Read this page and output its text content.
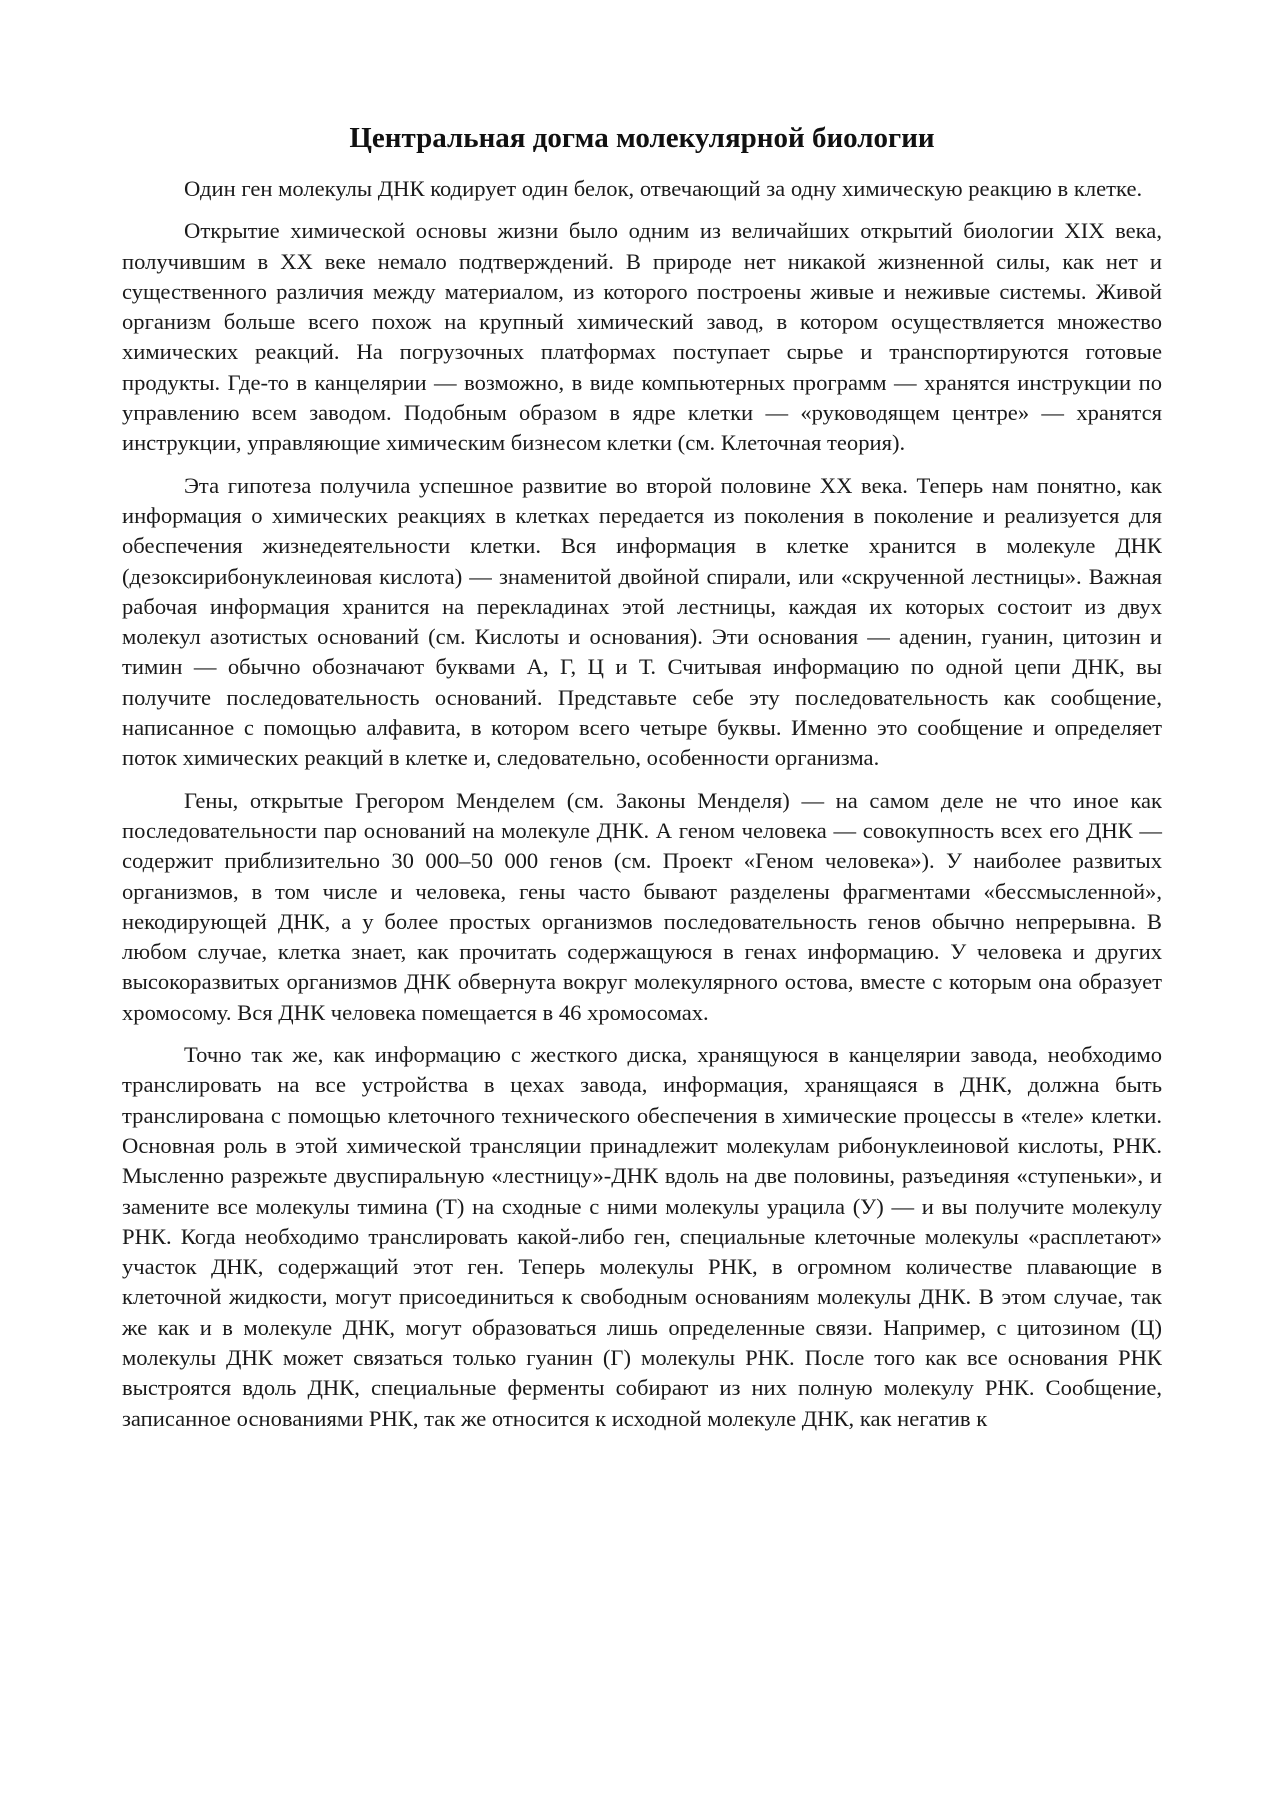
Центральная догма молекулярной биологии

Один ген молекулы ДНК кодирует один белок, отвечающий за одну химическую реакцию в клетке.

Открытие химической основы жизни было одним из величайших открытий биологии XIX века, получившим в XX веке немало подтверждений. В природе нет никакой жизненной силы, как нет и существенного различия между материалом, из которого построены живые и неживые системы. Живой организм больше всего похож на крупный химический завод, в котором осуществляется множество химических реакций. На погрузочных платформах поступает сырье и транспортируются готовые продукты. Где-то в канцелярии — возможно, в виде компьютерных программ — хранятся инструкции по управлению всем заводом. Подобным образом в ядре клетки — «руководящем центре» — хранятся инструкции, управляющие химическим бизнесом клетки (см. Клеточная теория).

Эта гипотеза получила успешное развитие во второй половине XX века. Теперь нам понятно, как информация о химических реакциях в клетках передается из поколения в поколение и реализуется для обеспечения жизнедеятельности клетки. Вся информация в клетке хранится в молекуле ДНК (дезоксирибонуклеиновая кислота) — знаменитой двойной спирали, или «скрученной лестницы». Важная рабочая информация хранится на перекладинах этой лестницы, каждая их которых состоит из двух молекул азотистых оснований (см. Кислоты и основания). Эти основания — аденин, гуанин, цитозин и тимин — обычно обозначают буквами А, Г, Ц и Т. Считывая информацию по одной цепи ДНК, вы получите последовательность оснований. Представьте себе эту последовательность как сообщение, написанное с помощью алфавита, в котором всего четыре буквы. Именно это сообщение и определяет поток химических реакций в клетке и, следовательно, особенности организма.

Гены, открытые Грегором Менделем (см. Законы Менделя) — на самом деле не что иное как последовательности пар оснований на молекуле ДНК. А геном человека — совокупность всех его ДНК — содержит приблизительно 30 000–50 000 генов (см. Проект «Геном человека»). У наиболее развитых организмов, в том числе и человека, гены часто бывают разделены фрагментами «бессмысленной», некодирующей ДНК, а у более простых организмов последовательность генов обычно непрерывна. В любом случае, клетка знает, как прочитать содержащуюся в генах информацию. У человека и других высокоразвитых организмов ДНК обвернута вокруг молекулярного остова, вместе с которым она образует хромосому. Вся ДНК человека помещается в 46 хромосомах.

Точно так же, как информацию с жесткого диска, хранящуюся в канцелярии завода, необходимо транслировать на все устройства в цехах завода, информация, хранящаяся в ДНК, должна быть транслирована с помощью клеточного технического обеспечения в химические процессы в «теле» клетки. Основная роль в этой химической трансляции принадлежит молекулам рибонуклеиновой кислоты, РНК. Мысленно разрежьте двуспиральную «лестницу»-ДНК вдоль на две половины, разъединяя «ступеньки», и замените все молекулы тимина (Т) на сходные с ними молекулы урацила (У) — и вы получите молекулу РНК. Когда необходимо транслировать какой-либо ген, специальные клеточные молекулы «расплетают» участок ДНК, содержащий этот ген. Теперь молекулы РНК, в огромном количестве плавающие в клеточной жидкости, могут присоединиться к свободным основаниям молекулы ДНК. В этом случае, так же как и в молекуле ДНК, могут образоваться лишь определенные связи. Например, с цитозином (Ц) молекулы ДНК может связаться только гуанин (Г) молекулы РНК. После того как все основания РНК выстроятся вдоль ДНК, специальные ферменты собирают из них полную молекулу РНК. Сообщение, записанное основаниями РНК, так же относится к исходной молекуле ДНК, как негатив к
